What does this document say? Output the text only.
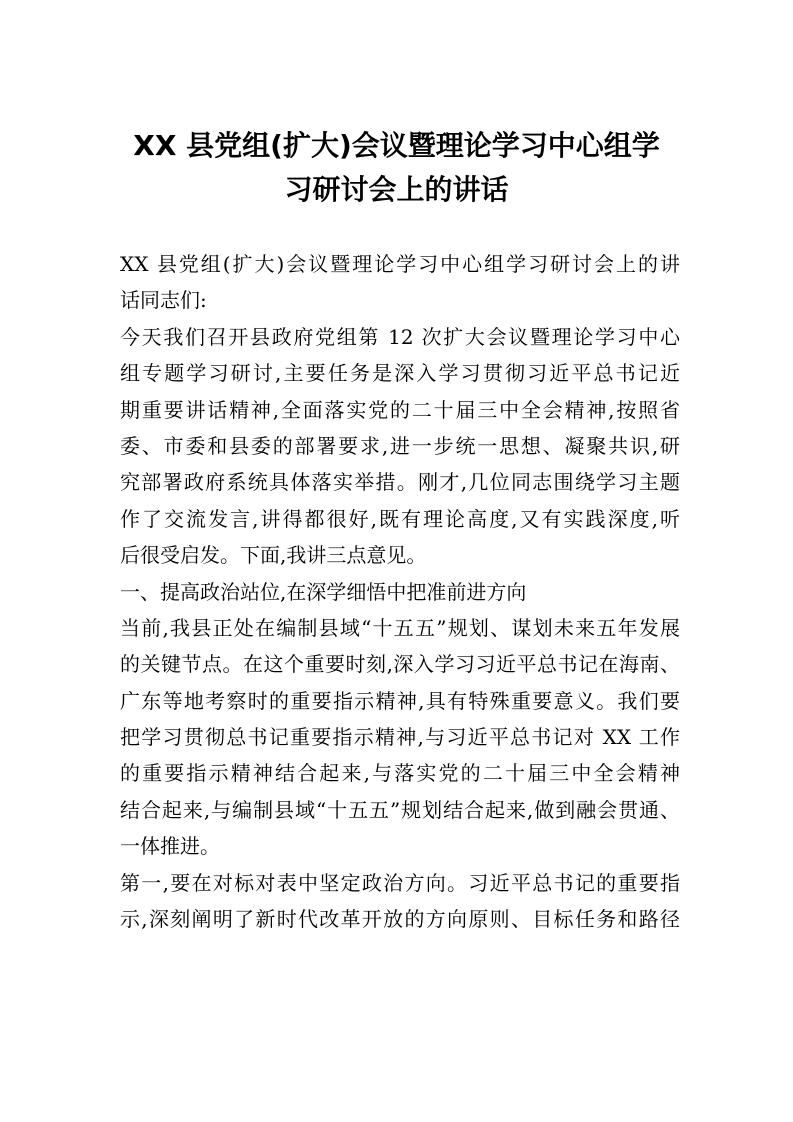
XX 县党组(扩大)会议暨理论学习中心组学
习研讨会上的讲话
XX 县党组(扩大)会议暨理论学习中心组学习研讨会上的讲
话同志们:
今天我们召开县政府党组第 12 次扩大会议暨理论学习中心
组专题学习研讨,主要任务是深入学习贯彻习近平总书记近
期重要讲话精神,全面落实党的二十届三中全会精神,按照省
委、市委和县委的部署要求,进一步统一思想、凝聚共识,研
究部署政府系统具体落实举措。刚才,几位同志围绕学习主题
作了交流发言,讲得都很好,既有理论高度,又有实践深度,听
后很受启发。下面,我讲三点意见。
一、提高政治站位,在深学细悟中把准前进方向
当前,我县正处在编制县域“十五五”规划、谋划未来五年发展
的关键节点。在这个重要时刻,深入学习习近平总书记在海南、
广东等地考察时的重要指示精神,具有特殊重要意义。我们要
把学习贯彻总书记重要指示精神,与习近平总书记对 XX 工作
的重要指示精神结合起来,与落实党的二十届三中全会精神
结合起来,与编制县域“十五五”规划结合起来,做到融会贯通、
一体推进。
第一,要在对标对表中坚定政治方向。习近平总书记的重要指
示,深刻阐明了新时代改革开放的方向原则、目标任务和路径
